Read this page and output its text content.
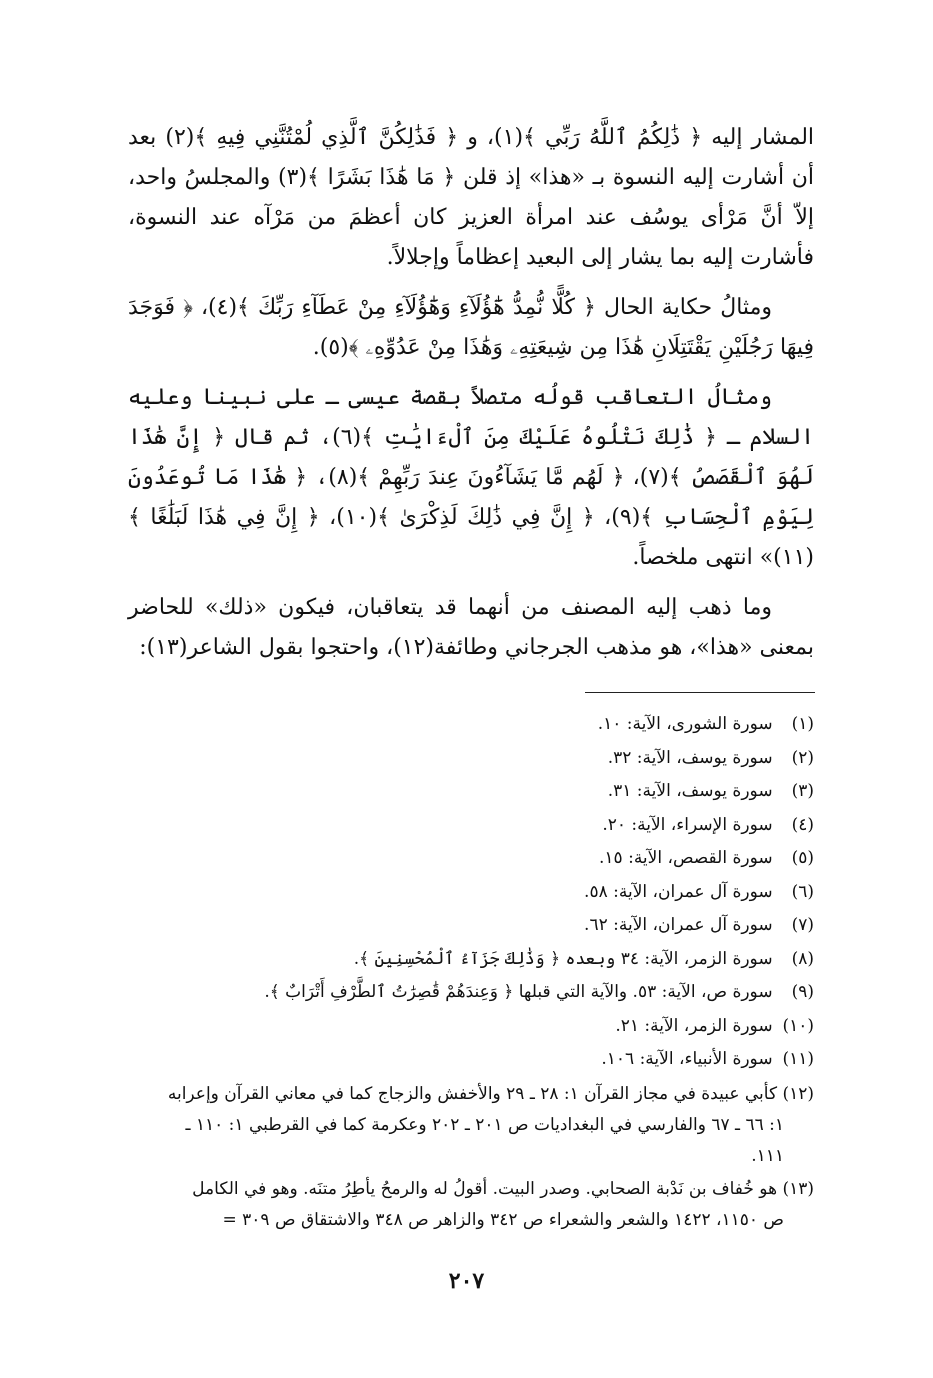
المشار إليه ﴿ ذَٰلِكُمُ ٱللَّهُ رَبِّي ﴾(١)، و ﴿ فَذَٰلِكُنَّ ٱلَّذِي لُمْتُنَّنِي فِيهِ ﴾(٢) بعد أن أشارت إليه النسوة بـ «هذا» إذ قلن ﴿ مَا هَٰذَا بَشَرًا ﴾(٣) والمجلسُ واحد، إلاّ أنَّ مَرْأى يوسُف عند امرأة العزيز كان أعظمَ من مَرْآه عند النسوة، فأشارت إليه بما يشار إلى البعيد إعظاماً وإجلالاً.

ومثالُ حكاية الحال ﴿ كُلًّا نُّمِدُّ هَٰٓؤُلَآءِ وَهَٰٓؤُلَآءِ مِنْ عَطَآءِ رَبِّكَ ﴾(٤)، ﴿ فَوَجَدَ فِيهَا رَجُلَيْنِ يَقْتَتِلَانِ هَٰذَا مِن شِيعَتِهِۦ وَهَٰذَا مِنْ عَدُوِّهِۦ ﴾(٥).

ومثالُ التعاقب قولُه متصلاً بقصة عيسى ـ على نبينا وعليه السلام ـ ﴿ ذَٰلِكَ نَتْلُوهُ عَلَيْكَ مِنَ ٱلْءَايَٰتِ ﴾(٦)، ثم قال ﴿ إِنَّ هَٰذَا لَهُوَ ٱلْقَصَصُ ﴾(٧)، ﴿ لَهُم مَّا يَشَآءُونَ عِندَ رَبِّهِمْ ﴾(٨)، ﴿ هَٰذَا مَا تُوعَدُونَ لِيَوْمِ ٱلْحِسَابِ ﴾(٩)، ﴿ إِنَّ فِي ذَٰلِكَ لَذِكْرَىٰ ﴾(١٠)، ﴿ إِنَّ فِي هَٰذَا لَبَلَٰغًا ﴾(١١)» انتهى ملخصاً.

وما ذهب إليه المصنف من أنهما قد يتعاقبان، فيكون «ذلك» للحاضر بمعنى «هذا»، هو مذهب الجرجاني وطائفة(١٢)، واحتجوا بقول الشاعر(١٣):

(١) سورة الشورى، الآية: ١٠.

(٢) سورة يوسف، الآية: ٣٢.

(٣) سورة يوسف، الآية: ٣١.

(٤) سورة الإسراء، الآية: ٢٠.

(٥) سورة القصص، الآية: ١٥.

(٦) سورة آل عمران، الآية: ٥٨.

(٧) سورة آل عمران، الآية: ٦٢.

(٨) سورة الزمر، الآية: ٣٤ وبعده ﴿ وَذَٰلِكَ جَزَآءُ ٱلْمُحْسِنِينَ ﴾.

(٩) سورة ص، الآية: ٥٣. والآية التي قبلها ﴿ وَعِندَهُمْ قَٰصِرَٰتُ ٱلطَّرْفِ أَتْرَابٌ ﴾.

(١٠) سورة الزمر، الآية: ٢١.

(١١) سورة الأنبياء، الآية: ١٠٦.

(١٢) كأبي عبيدة في مجاز القرآن ١: ٢٨ ـ ٢٩ والأخفش والزجاج كما في معاني القرآن وإعرابه
١: ٦٦ ـ ٦٧ والفارسي في البغداديات ص ٢٠١ ـ ٢٠٢ وعكرمة كما في القرطبي ١: ١١٠ ـ
١١١.
(١٣) هو خُفاف بن نَدْبة الصحابي. وصدر البيت. أقولُ له والرمحُ يأطِرُ متنَه. وهو في الكامل
ص ١١٥٠، ١٤٢٢ والشعر والشعراء ص ٣٤٢ والزاهر ص ٣٤٨ والاشتقاق ص ٣٠٩ =
٢٠٧
